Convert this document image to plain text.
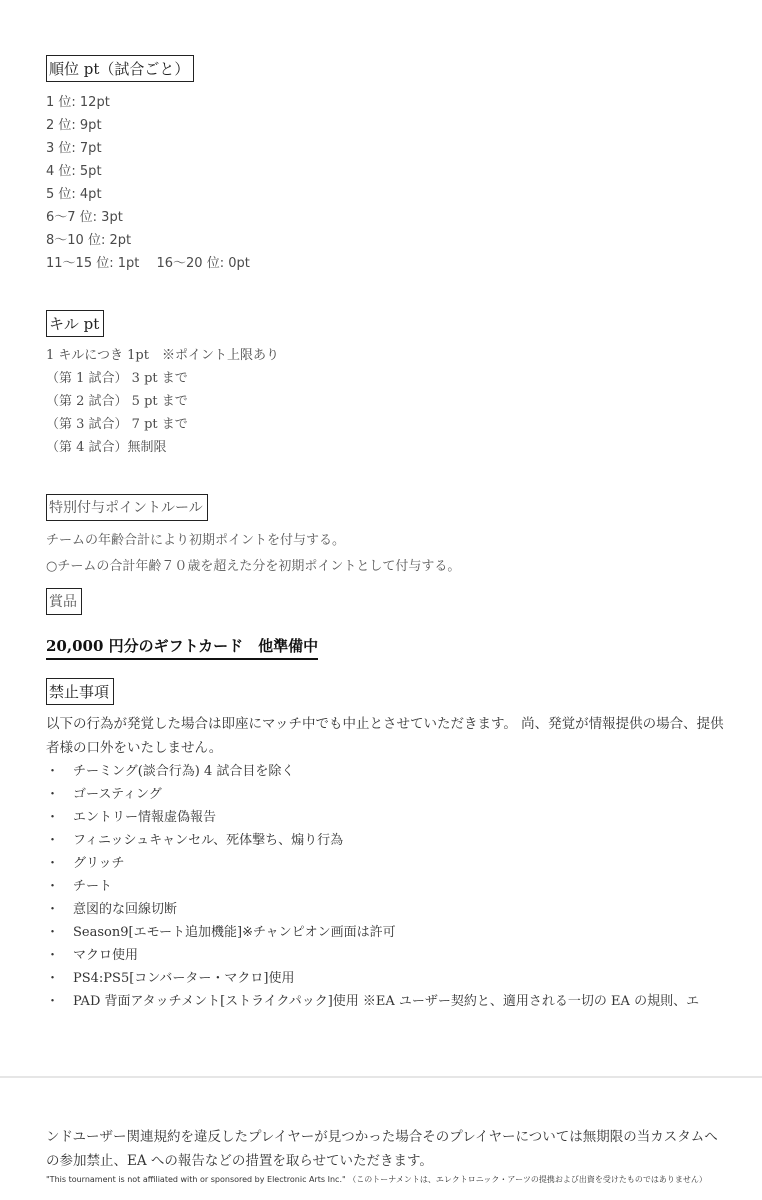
順位 pt（試合ごと）
1 位: 12pt
2 位: 9pt
3 位: 7pt
4 位: 5pt
5 位: 4pt
6～7 位: 3pt
8～10 位: 2pt
11～15 位: 1pt　 16～20 位: 0pt
キル pt
1 キルにつき 1pt　※ポイント上限あり
（第 1 試合） 3 pt まで
（第 2 試合） 5 pt まで
（第 3 試合） 7 pt まで
（第 4 試合）無制限
特別付与ポイントルール
チームの年齢合計により初期ポイントを付与する。
○チームの合計年齢７０歳を超えた分を初期ポイントとして付与する。
賞品
20,000 円分のギフトカード　他準備中
禁止事項
以下の行為が発覚した場合は即座にマッチ中でも中止とさせていただきます。 尚、発覚が情報提供の場合、提供者様の口外をいたしません。
・ チーミング(談合行為) 4 試合目を除く
・ ゴースティング
・ エントリー情報虚偽報告
・ フィニッシュキャンセル、死体撃ち、煽り行為
・ グリッチ
・ チート
・ 意図的な回線切断
・ Season9[エモート追加機能]※チャンピオン画面は許可
・ マクロ使用
・ PS4:PS5[コンバーター・マクロ]使用
・ PAD 背面アタッチメント[ストライクパック]使用 ※EA ユーザー契約と、適用される一切の EA の規則、エ
ンドユーザー関連規約を違反したプレイヤーが見つかった場合そのプレイヤーについては無期限の当カスタムへの参加禁止、EA への報告などの措置を取らせていただきます。
"This tournament is not affiliated with or sponsored by Electronic Arts Inc." （このトーナメントは、エレクトロニック・アーツの提携および出資を受けたものではありません）
